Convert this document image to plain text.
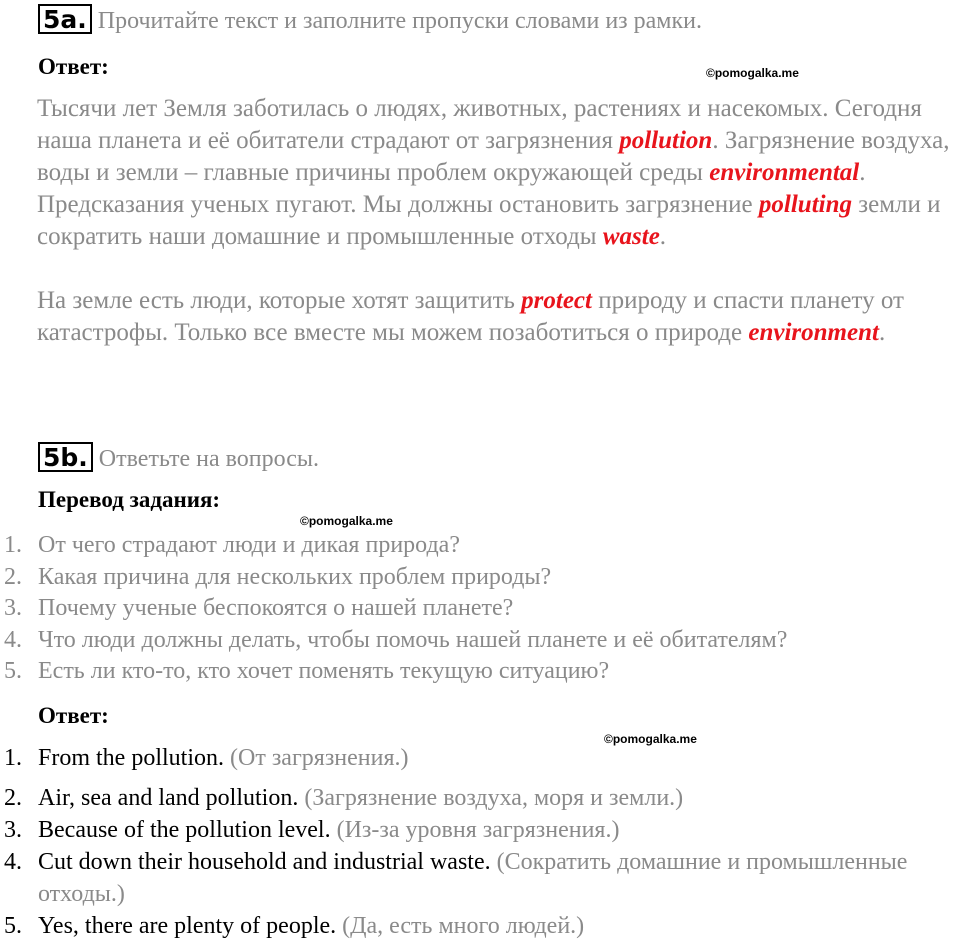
5a. Прочитайте текст и заполните пропуски словами из рамки.
Ответ:	©pomogalka.me
Тысячи лет Земля заботилась о людях, животных, растениях и насекомых. Сегодня наша планета и её обитатели страдают от загрязнения pollution. Загрязнение воздуха, воды и земли – главные причины проблем окружающей среды environmental. Предсказания ученых пугают. Мы должны остановить загрязнение polluting земли и сократить наши домашние и промышленные отходы waste.
На земле есть люди, которые хотят защитить protect природу и спасти планету от катастрофы. Только все вместе мы можем позаботиться о природе environment.
5b. Ответьте на вопросы.
Перевод задания:
©pomogalka.me
1. От чего страдают люди и дикая природа?
2. Какая причина для нескольких проблем природы?
3. Почему ученые беспокоятся о нашей планете?
4. Что люди должны делать, чтобы помочь нашей планете и её обитателям?
5. Есть ли кто-то, кто хочет поменять текущую ситуацию?
Ответ:
©pomogalka.me
1. From the pollution. (От загрязнения.)
2. Air, sea and land pollution. (Загрязнение воздуха, моря и земли.)
3. Because of the pollution level. (Из-за уровня загрязнения.)
4. Cut down their household and industrial waste. (Сократить домашние и промышленные отходы.)
5. Yes, there are plenty of people. (Да, есть много людей.)
